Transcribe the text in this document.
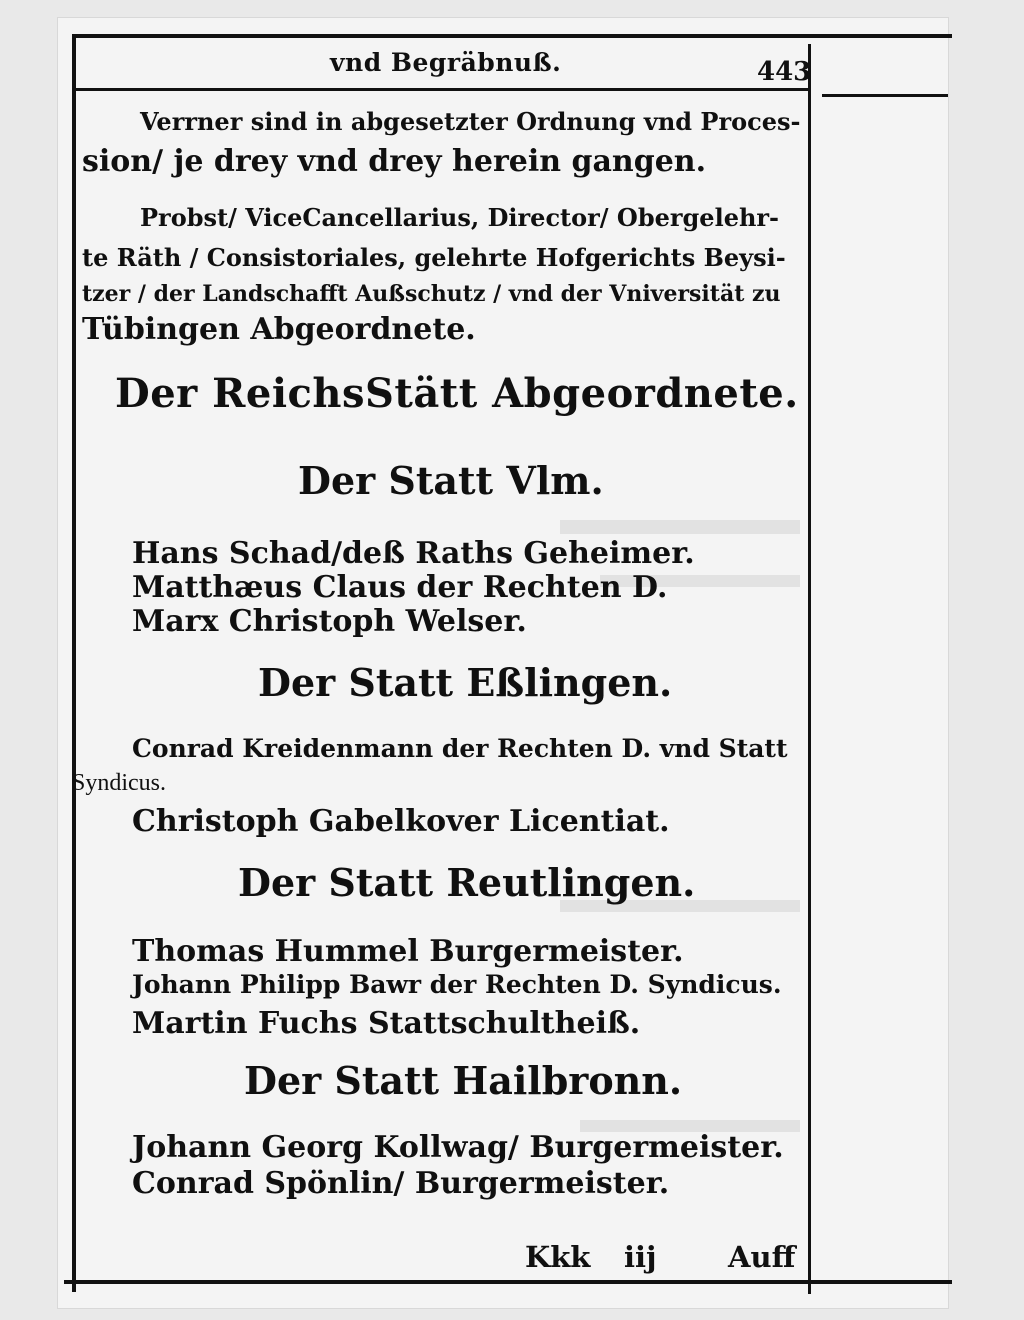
vnd Begräbnuß.	443
Verrner sind in abgesetzter Ordnung vnd Proces-
sion/ je drey vnd drey herein gangen.
Probst/ ViceCancellarius, Director/ Obergelehr-
te Räth / Consistoriales, gelehrte Hofgerichts Beysi-
tzer / der Landschafft Außschutz / vnd der Vniversität zu
Tübingen Abgeordnete.
Der ReichsStätt Abgeordnete.
Der Statt Vlm.
Hans Schad/deß Raths Geheimer.
Matthæus Claus der Rechten D.
Marx Christoph Welser.
Der Statt Eßlingen.
Conrad Kreidenmann der Rechten D. vnd Statt
Syndicus.
Christoph Gabelkover Licentiat.
Der Statt Reutlingen.
Thomas Hummel Burgermeister.
Johann Philipp Bawr der Rechten D. Syndicus.
Martin Fuchs Stattschultheiß.
Der Statt Hailbronn.
Johann Georg Kollwag/ Burgermeister.
Conrad Spönlin/ Burgermeister.
Kkk iij Auff
